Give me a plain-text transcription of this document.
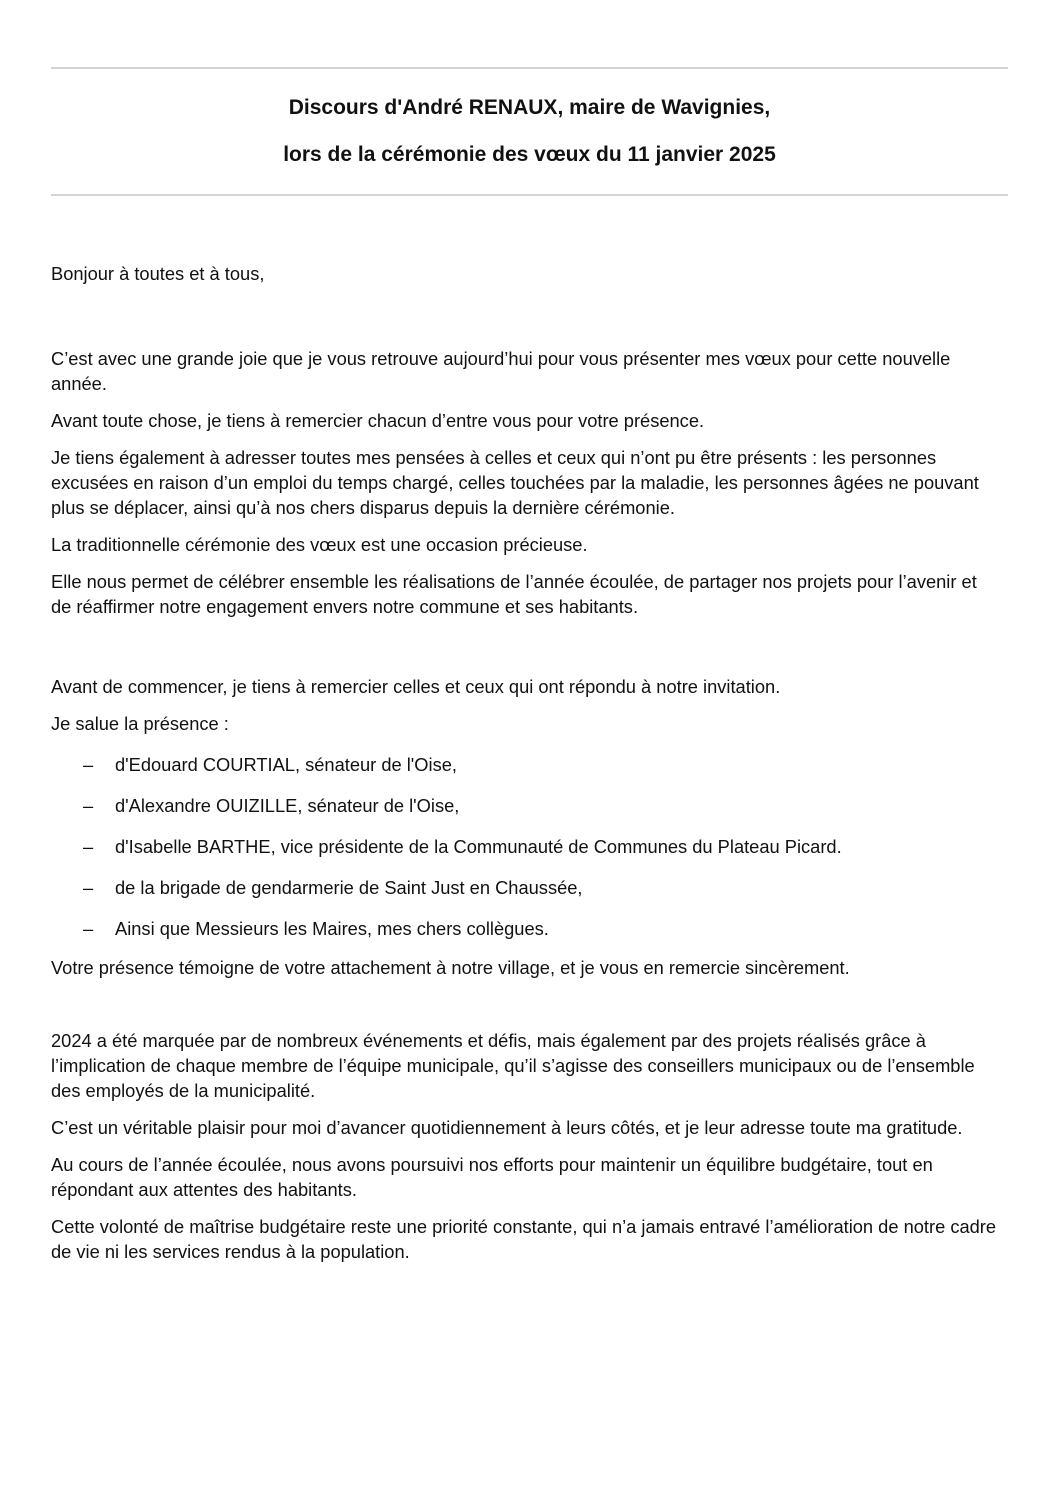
Discours d'André RENAUX, maire de Wavignies,
lors de la cérémonie des vœux du 11 janvier 2025

Bonjour à toutes et à tous,

C’est avec une grande joie que je vous retrouve aujourd’hui pour vous présenter mes vœux pour cette nouvelle année.

Avant toute chose, je tiens à remercier chacun d’entre vous pour votre présence.

Je tiens également à adresser toutes mes pensées à celles et ceux qui n’ont pu être présents : les personnes excusées en raison d’un emploi du temps chargé, celles touchées par la maladie, les personnes âgées ne pouvant plus se déplacer, ainsi qu’à nos chers disparus depuis la dernière cérémonie.

La traditionnelle cérémonie des vœux est une occasion précieuse.

Elle nous permet de célébrer ensemble les réalisations de l’année écoulée, de partager nos projets pour l’avenir et de réaffirmer notre engagement envers notre commune et ses habitants.

Avant de commencer, je tiens à remercier celles et ceux qui ont répondu à notre invitation.

Je salue la présence :

– d'Edouard COURTIAL, sénateur de l'Oise,
– d'Alexandre OUIZILLE, sénateur de l'Oise,
– d'Isabelle BARTHE, vice présidente de la Communauté de Communes du Plateau Picard.
– de la brigade de gendarmerie de Saint Just en Chaussée,
– Ainsi que Messieurs les Maires, mes chers collègues.

Votre présence témoigne de votre attachement à notre village, et je vous en remercie sincèrement.

2024 a été marquée par de nombreux événements et défis, mais également par des projets réalisés grâce à l’implication de chaque membre de l’équipe municipale, qu’il s’agisse des conseillers municipaux ou de l’ensemble des employés de la municipalité.

C’est un véritable plaisir pour moi d’avancer quotidiennement à leurs côtés, et je leur adresse toute ma gratitude.

Au cours de l’année écoulée, nous avons poursuivi nos efforts pour maintenir un équilibre budgétaire, tout en répondant aux attentes des habitants.

Cette volonté de maîtrise budgétaire reste une priorité constante, qui n’a jamais entravé l’amélioration de notre cadre de vie ni les services rendus à la population.
